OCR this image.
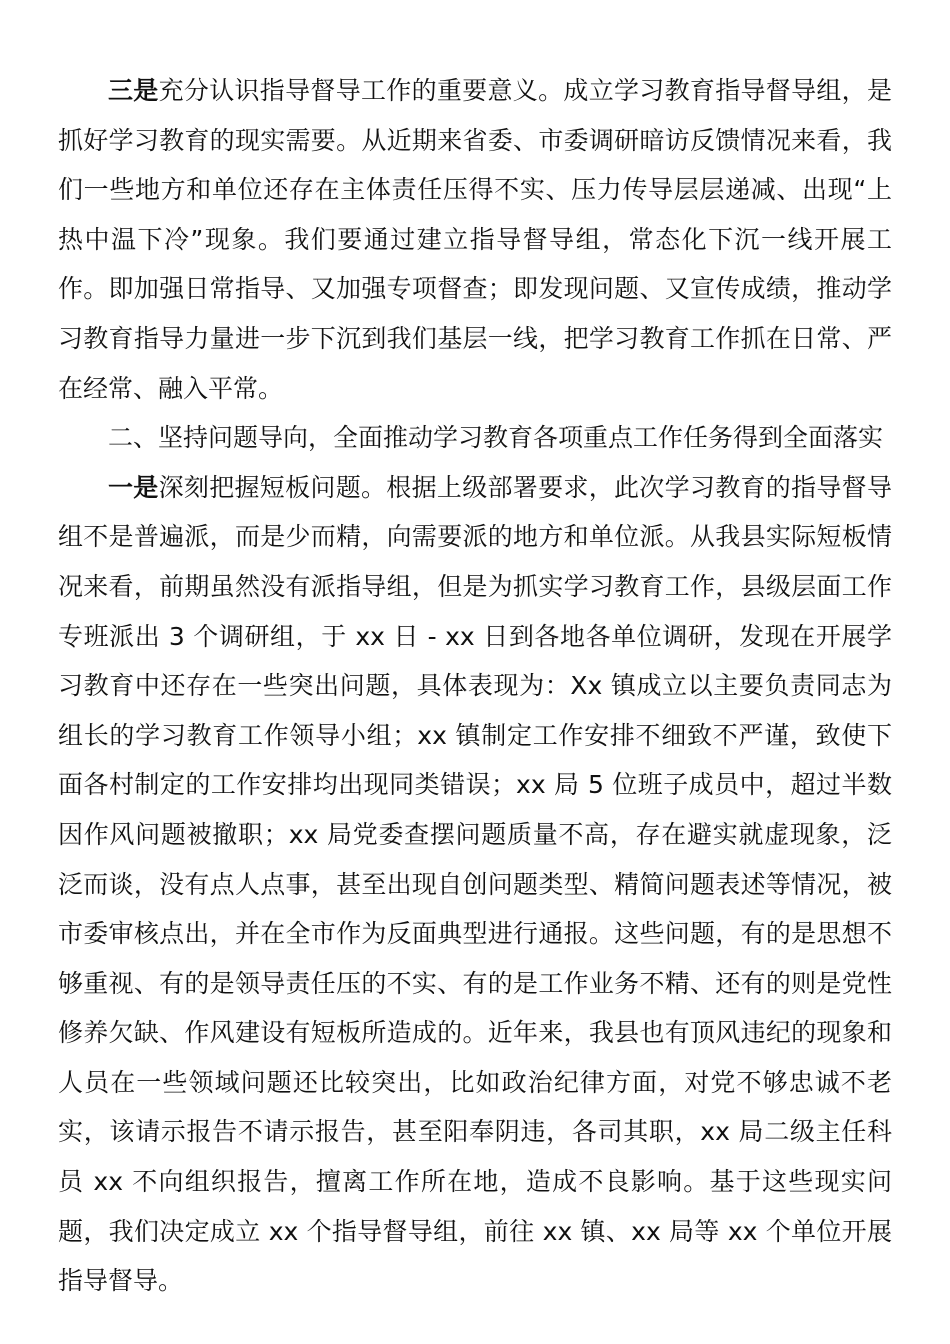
三是充分认识指导督导工作的重要意义。成立学习教育指导督导组，是抓好学习教育的现实需要。从近期来省委、市委调研暗访反馈情况来看，我们一些地方和单位还存在主体责任压得不实、压力传导层层递减、出现“上热中温下冷”现象。我们要通过建立指导督导组，常态化下沉一线开展工作。即加强日常指导、又加强专项督查；即发现问题、又宣传成绩，推动学习教育指导力量进一步下沉到我们基层一线，把学习教育工作抓在日常、严在经常、融入平常。

二、坚持问题导向，全面推动学习教育各项重点工作任务得到全面落实

一是深刻把握短板问题。根据上级部署要求，此次学习教育的指导督导组不是普遍派，而是少而精，向需要派的地方和单位派。从我县实际短板情况来看，前期虽然没有派指导组，但是为抓实学习教育工作，县级层面工作专班派出 3 个调研组，于 xx 日 - xx 日到各地各单位调研，发现在开展学习教育中还存在一些突出问题，具体表现为：Xx 镇成立以主要负责同志为组长的学习教育工作领导小组；xx 镇制定工作安排不细致不严谨，致使下面各村制定的工作安排均出现同类错误；xx 局 5 位班子成员中，超过半数因作风问题被撤职；xx 局党委查摆问题质量不高，存在避实就虚现象，泛泛而谈，没有点人点事，甚至出现自创问题类型、精简问题表述等情况，被市委审核点出，并在全市作为反面典型进行通报。这些问题，有的是思想不够重视、有的是领导责任压的不实、有的是工作业务不精、还有的则是党性修养欠缺、作风建设有短板所造成的。近年来，我县也有顶风违纪的现象和人员在一些领域问题还比较突出，比如政治纪律方面，对党不够忠诚不老实，该请示报告不请示报告，甚至阳奉阴违，各司其职，xx 局二级主任科员 xx 不向组织报告，擅离工作所在地，造成不良影响。基于这些现实问题，我们决定成立 xx 个指导督导组，前往 xx 镇、xx 局等 xx 个单位开展指导督导。
